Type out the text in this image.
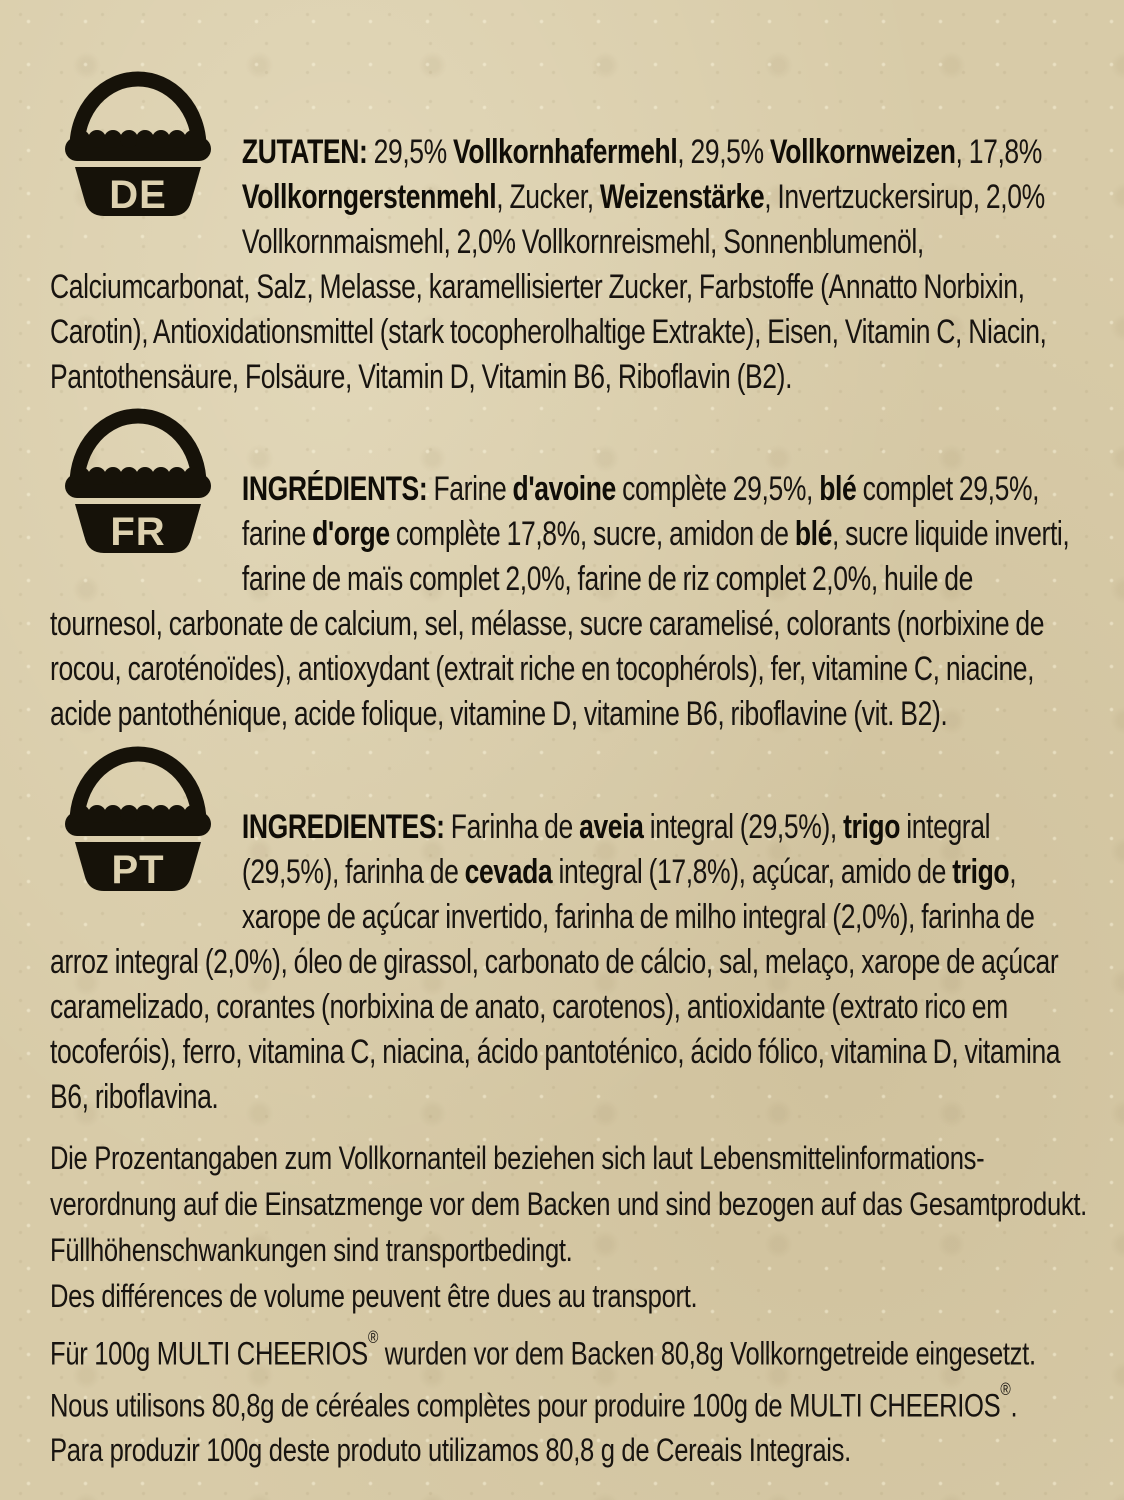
DE
ZUTATEN: 29,5% Vollkornhafermehl, 29,5% Vollkornweizen, 17,8% Vollkorngerstenmehl, Zucker, Weizenstärke, Invertzuckersirup, 2,0% Vollkornmaismehl, 2,0% Vollkornreismehl, Sonnenblumenöl, Calciumcarbonat, Salz, Melasse, karamellisierter Zucker, Farbstoffe (Annatto Norbixin, Carotin), Antioxidationsmittel (stark tocopherolhaltige Extrakte), Eisen, Vitamin C, Niacin, Pantothensäure, Folsäure, Vitamin D, Vitamin B6, Riboflavin (B2).
FR
INGRÉDIENTS: Farine d'avoine complète 29,5%, blé complet 29,5%, farine d'orge complète 17,8%, sucre, amidon de blé, sucre liquide inverti, farine de maïs complet 2,0%, farine de riz complet 2,0%, huile de tournesol, carbonate de calcium, sel, mélasse, sucre caramelisé, colorants (norbixine de rocou, caroténoïdes), antioxydant (extrait riche en tocophérols), fer, vitamine C, niacine, acide pantothénique, acide folique, vitamine D, vitamine B6, riboflavine (vit. B2).
PT
INGREDIENTES: Farinha de aveia integral (29,5%), trigo integral (29,5%), farinha de cevada integral (17,8%), açúcar, amido de trigo, xarope de açúcar invertido, farinha de milho integral (2,0%), farinha de arroz integral (2,0%), óleo de girassol, carbonato de cálcio, sal, melaço, xarope de açúcar caramelizado, corantes (norbixina de anato, carotenos), antioxidante (extrato rico em tocoferóis), ferro, vitamina C, niacina, ácido pantoténico, ácido fólico, vitamina D, vitamina B6, riboflavina.
Die Prozentangaben zum Vollkornanteil beziehen sich laut Lebensmittelinformations-
verordnung auf die Einsatzmenge vor dem Backen und sind bezogen auf das Gesamtprodukt.
Füllhöhenschwankungen sind transportbedingt.
Des différences de volume peuvent être dues au transport.
Für 100g MULTI CHEERIOS® wurden vor dem Backen 80,8g Vollkorngetreide eingesetzt.
Nous utilisons 80,8g de céréales complètes pour produire 100g de MULTI CHEERIOS®.
Para produzir 100g deste produto utilizamos 80,8 g de Cereais Integrais.
